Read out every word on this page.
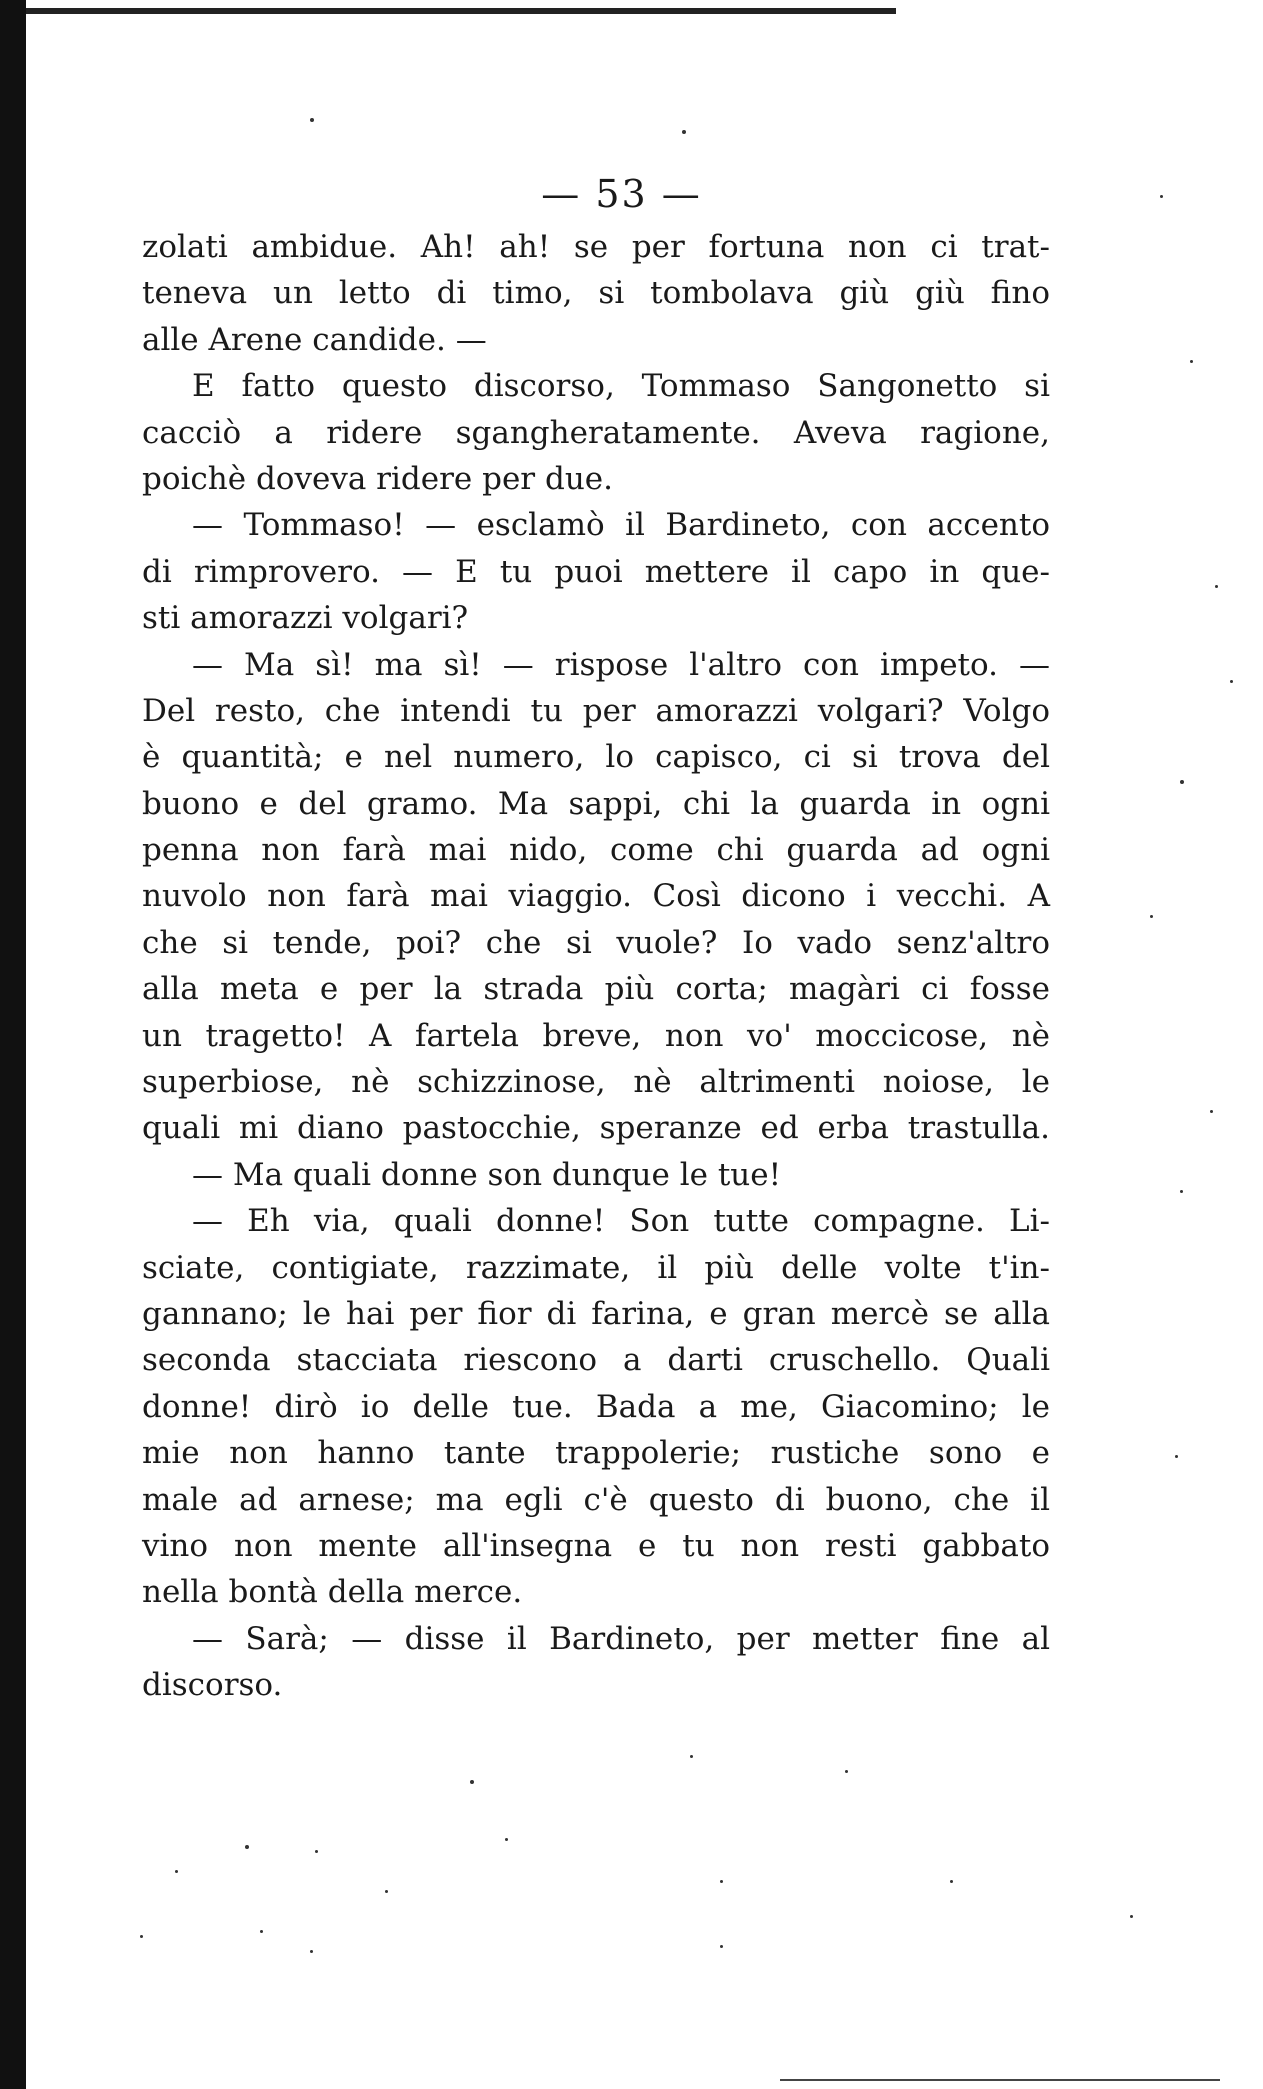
— 53 —
zolati ambidue. Ah! ah! se per fortuna non ci trat-
teneva un letto di timo, si tombolava giù giù fino
alle Arene candide. —
E fatto questo discorso, Tommaso Sangonetto si
cacciò a ridere sgangheratamente. Aveva ragione,
poichè doveva ridere per due.
— Tommaso! — esclamò il Bardineto, con accento
di rimprovero. — E tu puoi mettere il capo in que-
sti amorazzi volgari?
— Ma sì! ma sì! — rispose l'altro con impeto. —
Del resto, che intendi tu per amorazzi volgari? Volgo
è quantità; e nel numero, lo capisco, ci si trova del
buono e del gramo. Ma sappi, chi la guarda in ogni
penna non farà mai nido, come chi guarda ad ogni
nuvolo non farà mai viaggio. Così dicono i vecchi. A
che si tende, poi? che si vuole? Io vado senz'altro
alla meta e per la strada più corta; magàri ci fosse
un tragetto! A fartela breve, non vo' moccicose, nè
superbiose, nè schizzinose, nè altrimenti noiose, le
quali mi diano pastocchie, speranze ed erba trastulla.
— Ma quali donne son dunque le tue!
— Eh via, quali donne! Son tutte compagne. Li-
sciate, contigiate, razzimate, il più delle volte t'in-
gannano; le hai per fior di farina, e gran mercè se alla
seconda stacciata riescono a darti cruschello. Quali
donne! dirò io delle tue. Bada a me, Giacomino; le
mie non hanno tante trappolerie; rustiche sono e
male ad arnese; ma egli c'è questo di buono, che il
vino non mente all'insegna e tu non resti gabbato
nella bontà della merce.
— Sarà; — disse il Bardineto, per metter fine al
discorso.
